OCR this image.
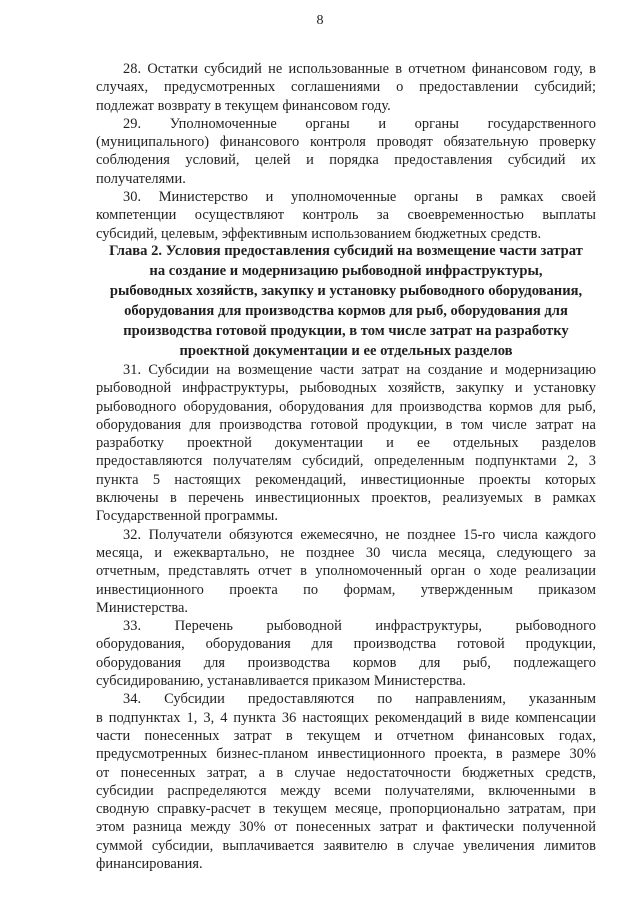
8

28. Остатки субсидий не использованные в отчетном финансовом году, в
случаях, предусмотренных соглашениями о предоставлении субсидий;
подлежат возврату в текущем финансовом году.

29. Уполномоченные органы и органы государственного
(муниципального) финансового контроля проводят обязательную проверку
соблюдения условий, целей и порядка предоставления субсидий их
получателями.

30. Министерство и уполномоченные органы в рамках своей
компетенции осуществляют контроль за своевременностью выплаты
субсидий, целевым, эффективным использованием бюджетных средств.

Глава 2. Условия предоставления субсидий на возмещение части затрат
на создание и модернизацию рыбоводной инфраструктуры,
рыбоводных хозяйств, закупку и установку рыбоводного оборудования,
оборудования для производства кормов для рыб, оборудования для
производства готовой продукции, в том числе затрат на разработку
проектной документации и ее отдельных разделов

31. Субсидии на возмещение части затрат на создание и модернизацию
рыбоводной инфраструктуры, рыбоводных хозяйств, закупку и установку
рыбоводного оборудования, оборудования для производства кормов для рыб,
оборудования для производства готовой продукции, в том числе затрат на
разработку проектной документации и ее отдельных разделов
предоставляются получателям субсидий, определенным подпунктами 2, 3
пункта 5 настоящих рекомендаций, инвестиционные проекты которых
включены в перечень инвестиционных проектов, реализуемых в рамках
Государственной программы.

32. Получатели обязуются ежемесячно, не позднее 15-го числа каждого
месяца, и ежеквартально, не позднее 30 числа месяца, следующего за
отчетным, представлять отчет в уполномоченный орган о ходе реализации
инвестиционного проекта по формам, утвержденным приказом
Министерства.

33. Перечень рыбоводной инфраструктуры, рыбоводного
оборудования, оборудования для производства готовой продукции,
оборудования для производства кормов для рыб, подлежащего
субсидированию, устанавливается приказом Министерства.

34. Субсидии предоставляются по направлениям, указанным
в подпунктах 1, 3, 4 пункта 36 настоящих рекомендаций в виде компенсации
части понесенных затрат в текущем и отчетном финансовых годах,
предусмотренных бизнес-планом инвестиционного проекта, в размере 30%
от понесенных затрат, а в случае недостаточности бюджетных средств,
субсидии распределяются между всеми получателями, включенными в
сводную справку-расчет в текущем месяце, пропорционально затратам, при
этом разница между 30% от понесенных затрат и фактически полученной
суммой субсидии, выплачивается заявителю в случае увеличения лимитов
финансирования.
